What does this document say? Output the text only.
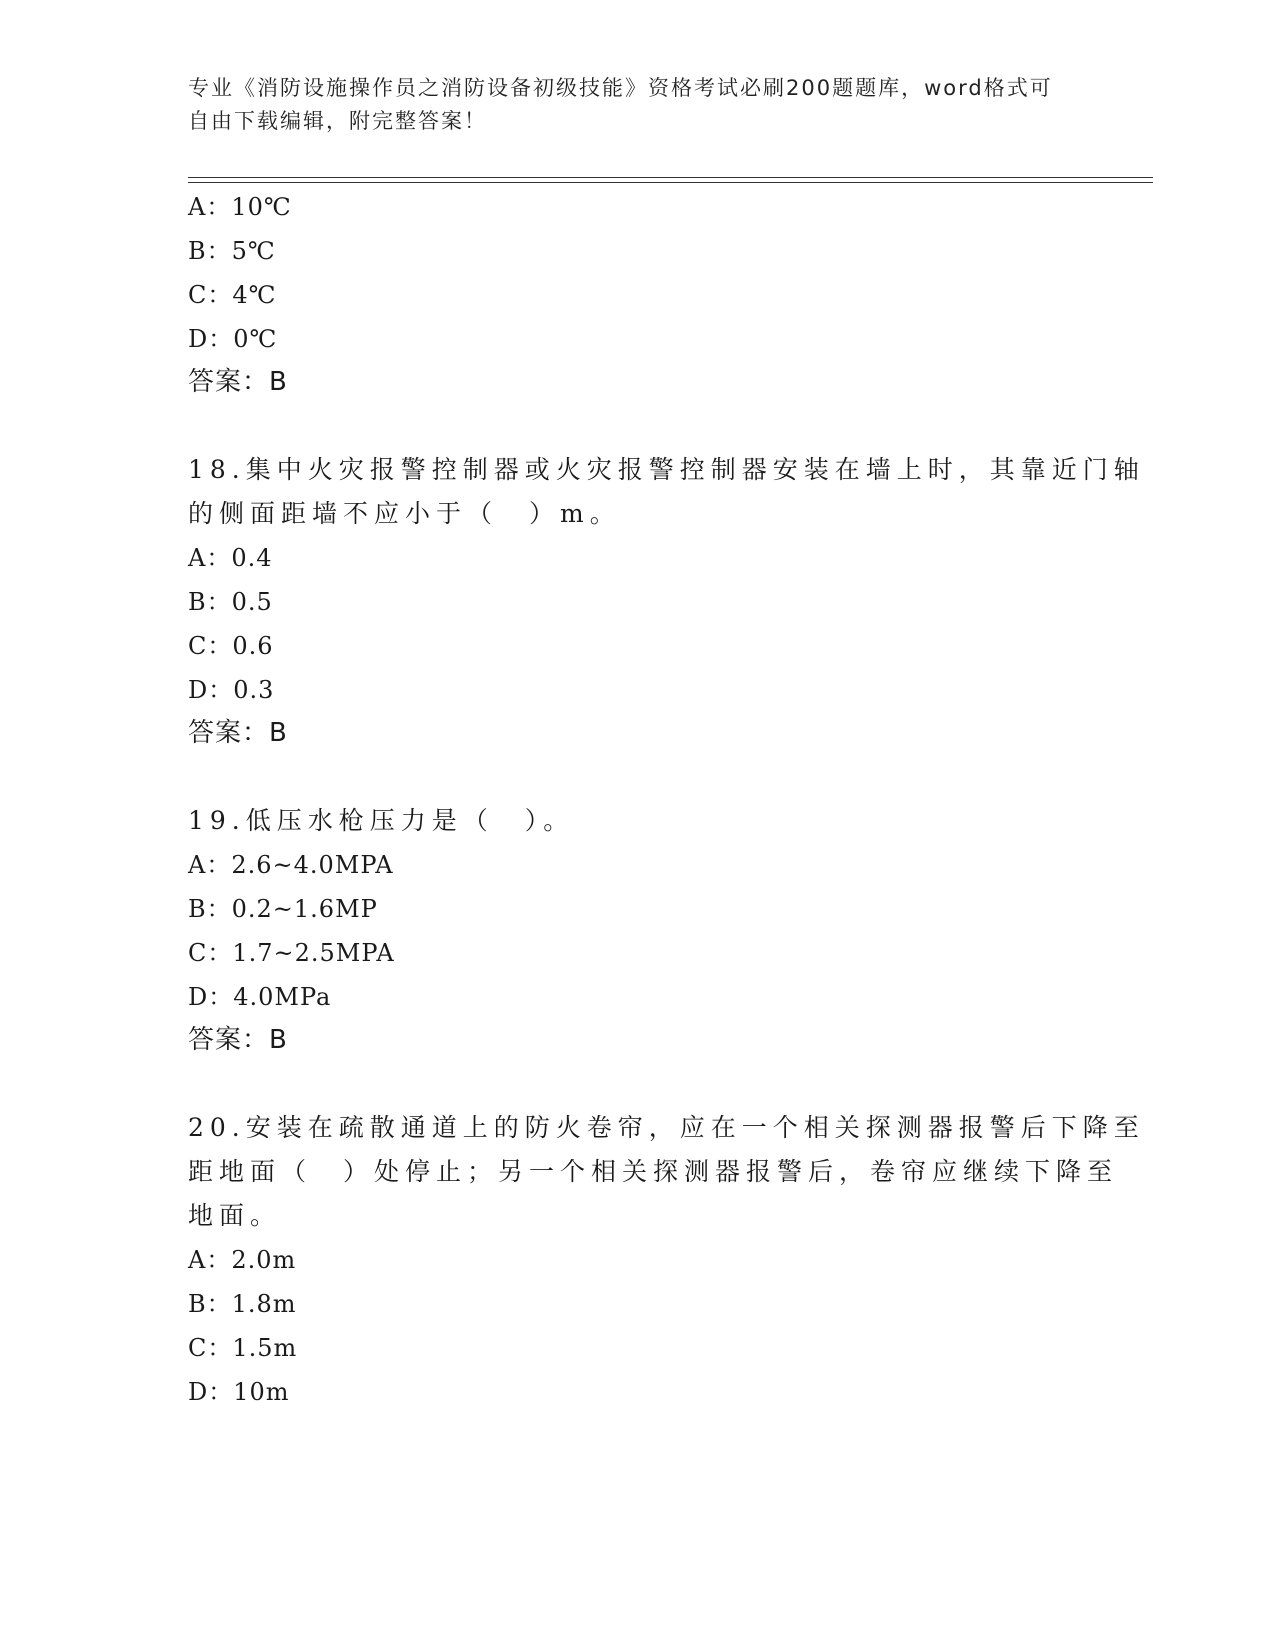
专业《消防设施操作员之消防设备初级技能》资格考试必刷200题题库，word格式可自由下载编辑，附完整答案！
A：10℃
B：5℃
C：4℃
D：0℃
答案：B
18.集中火灾报警控制器或火灾报警控制器安装在墙上时，其靠近门轴
的侧面距墙不应小于（　）m。
A：0.4
B：0.5
C：0.6
D：0.3
答案：B
19.低压水枪压力是（　）。
A：2.6~4.0MPA
B：0.2~1.6MP
C：1.7~2.5MPA
D：4.0MPa
答案：B
20.安装在疏散通道上的防火卷帘，应在一个相关探测器报警后下降至
距地面（　）处停止；另一个相关探测器报警后，卷帘应继续下降至
地面。
A：2.0m
B：1.8m
C：1.5m
D：10m
